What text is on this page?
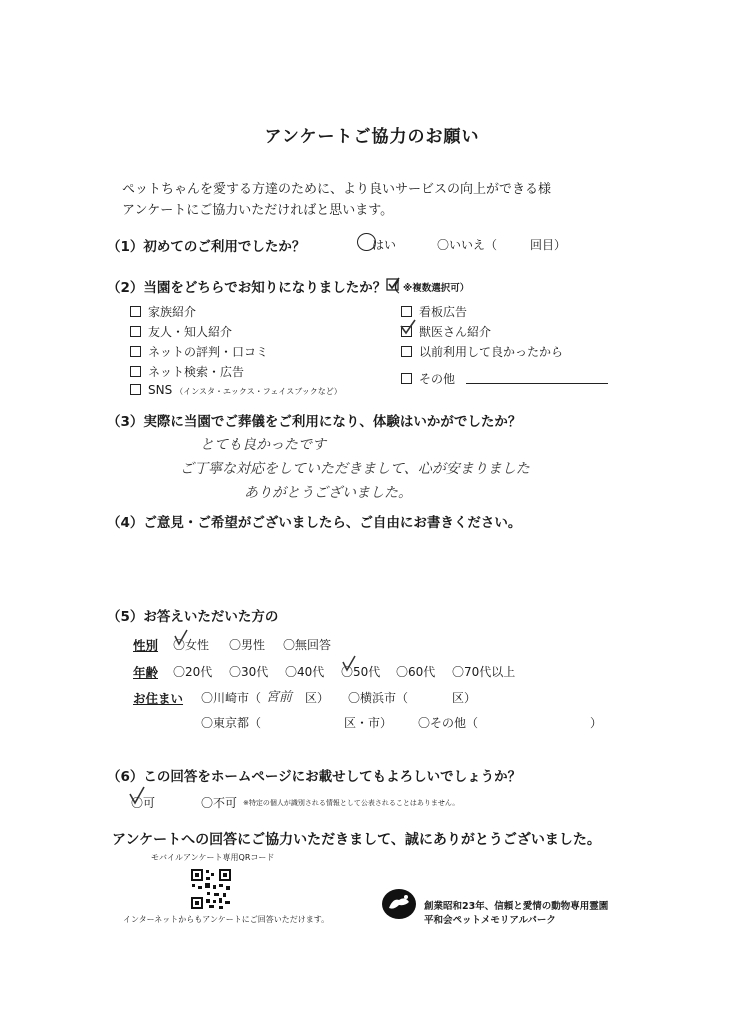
アンケートご協力のお願い
ペットちゃんを愛する方達のために、より良いサービスの向上ができる様
アンケートにご協力いただければと思います。
（1）初めてのご利用でしたか？	はい	〇いいえ（	回目）
（2）当園をどちらでお知りになりましたか？（ ※複数選択可）
家族紹介
友人・知人紹介
ネットの評判・口コミ
ネット検索・広告
SNS （インスタ・エックス・フェイスブックなど）
看板広告
獣医さん紹介
以前利用して良かったから
その他
（3）実際に当園でご葬儀をご利用になり、体験はいかがでしたか？
とても良かったです
ご丁寧な対応をしていただきまして、心が安まりました
ありがとうございました。
（4）ご意見・ご希望がございましたら、ご自由にお書きください。
（5）お答えいただいた方の
性別 〇女性 〇男性 〇無回答
年齢 〇20代 〇30代 〇40代 〇50代 〇60代 〇70代以上
お住まい 〇川崎市（ 宮前 区） 〇横浜市（	区）
〇東京都（	区・市） 〇その他（	）
（6）この回答をホームページにお載せしてもよろしいでしょうか？
〇可	〇不可 ※特定の個人が識別される情報として公表されることはありません。
アンケートへの回答にご協力いただきまして、誠にありがとうございました。
モバイルアンケート専用QRコード
インターネットからもアンケートにご回答いただけます。
創業昭和23年、信頼と愛情の動物専用霊園
平和会ペットメモリアルパーク
